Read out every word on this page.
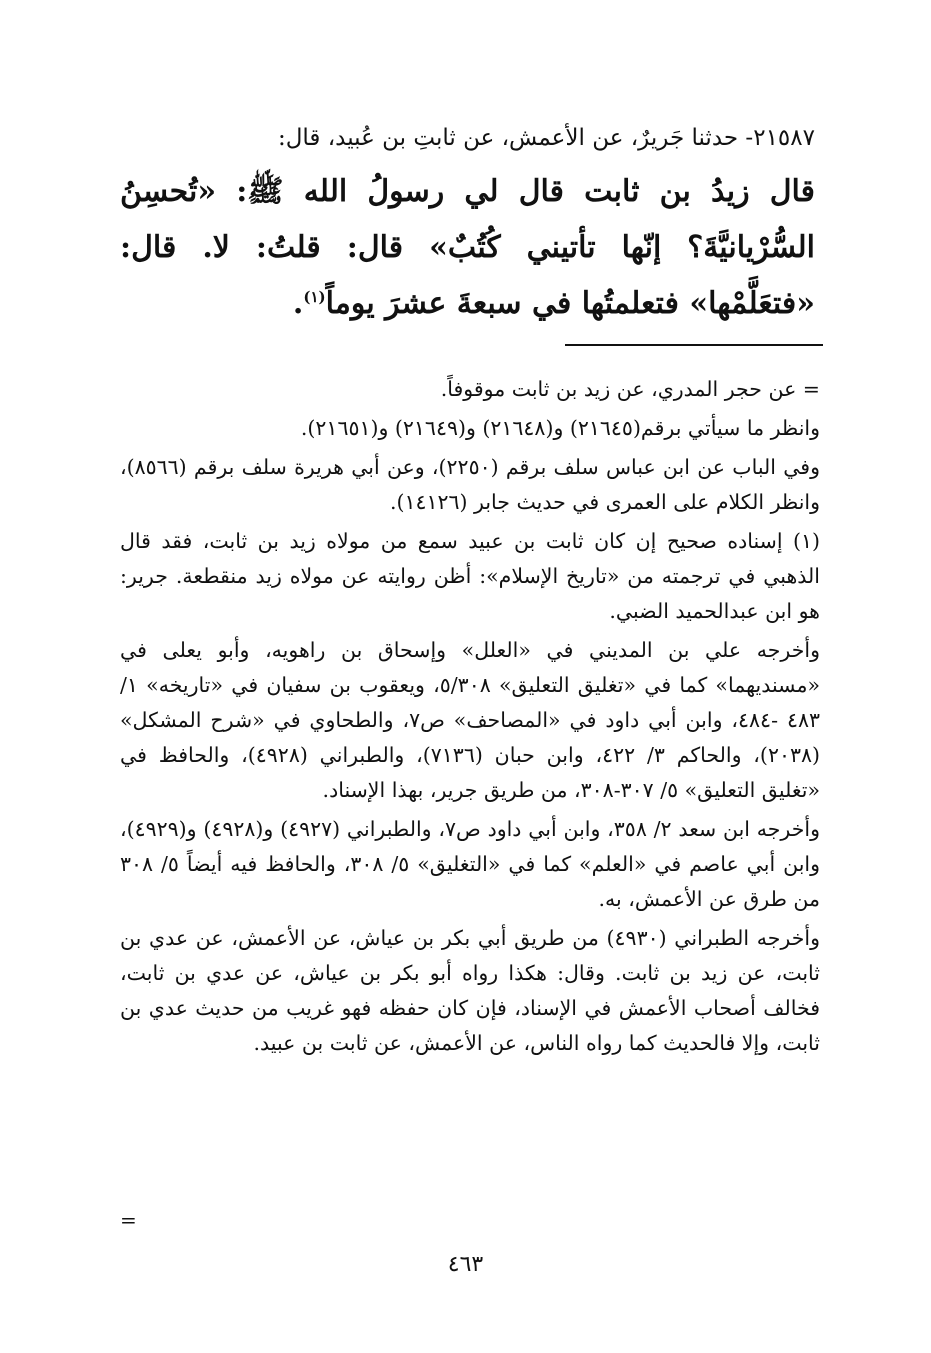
٢١٥٨٧- حدثنا جَريرٌ، عن الأعمش، عن ثابتِ بن عُبيد، قال:

قال زيدُ بن ثابت قال لي رسولُ الله ﷺ: «تُحسِنُ السُّرْيانيَّةَ؟ إنّها تأتيني كُتُبٌ» قال: قلتُ: لا. قال: «فتعَلَّمْها» فتعلمتُها في سبعةَ عشرَ يوماً$^{(١)}$.

= عن حجر المدري، عن زيد بن ثابت موقوفاً.

وانظر ما سيأتي برقم(٢١٦٤٥) و(٢١٦٤٨) و(٢١٦٤٩) و(٢١٦٥١).

وفي الباب عن ابن عباس سلف برقم (٢٢٥٠)، وعن أبي هريرة سلف برقم (٨٥٦٦)، وانظر الكلام على العمرى في حديث جابر (١٤١٢٦).

(١) إسناده صحيح إن كان ثابت بن عبيد سمع من مولاه زيد بن ثابت، فقد قال الذهبي في ترجمته من «تاريخ الإسلام»: أظن روايته عن مولاه زيد منقطعة. جرير: هو ابن عبدالحميد الضبي.

وأخرجه علي بن المديني في «العلل» وإسحاق بن راهويه، وأبو يعلى في «مسنديهما» كما في «تغليق التعليق» ٥/٣٠٨، ويعقوب بن سفيان في «تاريخه» ١/ ٤٨٣ -٤٨٤، وابن أبي داود في «المصاحف» ص٧، والطحاوي في «شرح المشكل» (٢٠٣٨)، والحاكم ٣/ ٤٢٢، وابن حبان (٧١٣٦)، والطبراني (٤٩٢٨)، والحافظ في «تغليق التعليق» ٥/ ٣٠٧-٣٠٨، من طريق جرير، بهذا الإسناد.

وأخرجه ابن سعد ٢/ ٣٥٨، وابن أبي داود ص٧، والطبراني (٤٩٢٧) و(٤٩٢٨) و(٤٩٢٩)، وابن أبي عاصم في «العلم» كما في «التغليق» ٥/ ٣٠٨، والحافظ فيه أيضاً ٥/ ٣٠٨ من طرق عن الأعمش، به.

وأخرجه الطبراني (٤٩٣٠) من طريق أبي بكر بن عياش، عن الأعمش، عن عدي بن ثابت، عن زيد بن ثابت. وقال: هكذا رواه أبو بكر بن عياش، عن عدي بن ثابت، فخالف أصحاب الأعمش في الإسناد، فإن كان حفظه فهو غريب من حديث عدي بن ثابت، وإلا فالحديث كما رواه الناس، عن الأعمش، عن ثابت بن عبيد.

=
٤٦٣
